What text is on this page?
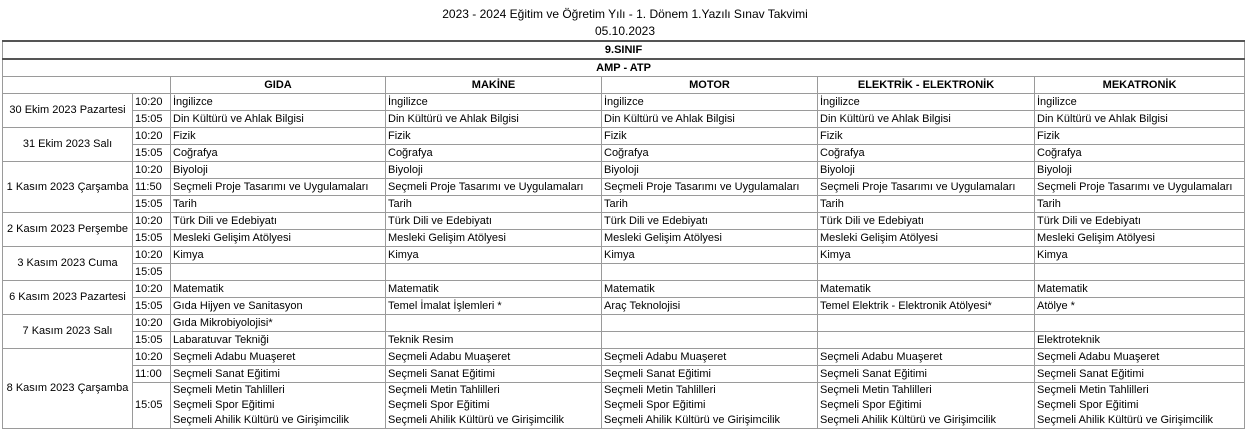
2023 - 2024 Eğitim ve Öğretim Yılı - 1. Dönem 1.Yazılı Sınav Takvimi
05.10.2023
9.SINIF						
AMP - ATP						
		GIDA	MAKİNE	MOTOR	ELEKTRİK - ELEKTRONİK	MEKATRONİK
30 Ekim 2023 Pazartesi	10:20	İngilizce	İngilizce	İngilizce	İngilizce	İngilizce
	15:05	Din Kültürü ve Ahlak Bilgisi	Din Kültürü ve Ahlak Bilgisi	Din Kültürü ve Ahlak Bilgisi	Din Kültürü ve Ahlak Bilgisi	Din Kültürü ve Ahlak Bilgisi
31 Ekim 2023 Salı	10:20	Fizik	Fizik	Fizik	Fizik	Fizik
	15:05	Coğrafya	Coğrafya	Coğrafya	Coğrafya	Coğrafya
1 Kasım 2023 Çarşamba	10:20	Biyoloji	Biyoloji	Biyoloji	Biyoloji	Biyoloji
	11:50	Seçmeli Proje Tasarımı ve Uygulamaları	Seçmeli Proje Tasarımı ve Uygulamaları	Seçmeli Proje Tasarımı ve Uygulamaları	Seçmeli Proje Tasarımı ve Uygulamaları	Seçmeli Proje Tasarımı ve Uygulamaları
	15:05	Tarih	Tarih	Tarih	Tarih	Tarih
2 Kasım 2023 Perşembe	10:20	Türk Dili ve Edebiyatı	Türk Dili ve Edebiyatı	Türk Dili ve Edebiyatı	Türk Dili ve Edebiyatı	Türk Dili ve Edebiyatı
	15:05	Mesleki Gelişim Atölyesi	Mesleki Gelişim Atölyesi	Mesleki Gelişim Atölyesi	Mesleki Gelişim Atölyesi	Mesleki Gelişim Atölyesi
3 Kasım 2023 Cuma	10:20	Kimya	Kimya	Kimya	Kimya	Kimya
	15:05					
6 Kasım 2023 Pazartesi	10:20	Matematik	Matematik	Matematik	Matematik	Matematik
	15:05	Gıda Hijyen ve Sanitasyon	Temel İmalat İşlemleri *	Araç Teknolojisi	Temel Elektrik - Elektronik Atölyesi*	Atölye *
7 Kasım 2023 Salı	10:20	Gıda Mikrobiyolojisi*				
	15:05	Labaratuvar Tekniği	Teknik Resim			Elektroteknik
8 Kasım 2023 Çarşamba	10:20	Seçmeli Adabu Muaşeret	Seçmeli Adabu Muaşeret	Seçmeli Adabu Muaşeret	Seçmeli Adabu Muaşeret	Seçmeli Adabu Muaşeret
	11:00	Seçmeli Sanat Eğitimi	Seçmeli Sanat Eğitimi	Seçmeli Sanat Eğitimi	Seçmeli Sanat Eğitimi	Seçmeli Sanat Eğitimi
	15:05	Seçmeli Metin Tahlilleri
Seçmeli Spor Eğitimi
Seçmeli Ahilik Kültürü ve Girişimcilik	Seçmeli Metin Tahlilleri
Seçmeli Spor Eğitimi
Seçmeli Ahilik Kültürü ve Girişimcilik	Seçmeli Metin Tahlilleri
Seçmeli Spor Eğitimi
Seçmeli Ahilik Kültürü ve Girişimcilik	Seçmeli Metin Tahlilleri
Seçmeli Spor Eğitimi
Seçmeli Ahilik Kültürü ve Girişimcilik	Seçmeli Metin Tahlilleri
Seçmeli Spor Eğitimi
Seçmeli Ahilik Kültürü ve Girişimcilik
